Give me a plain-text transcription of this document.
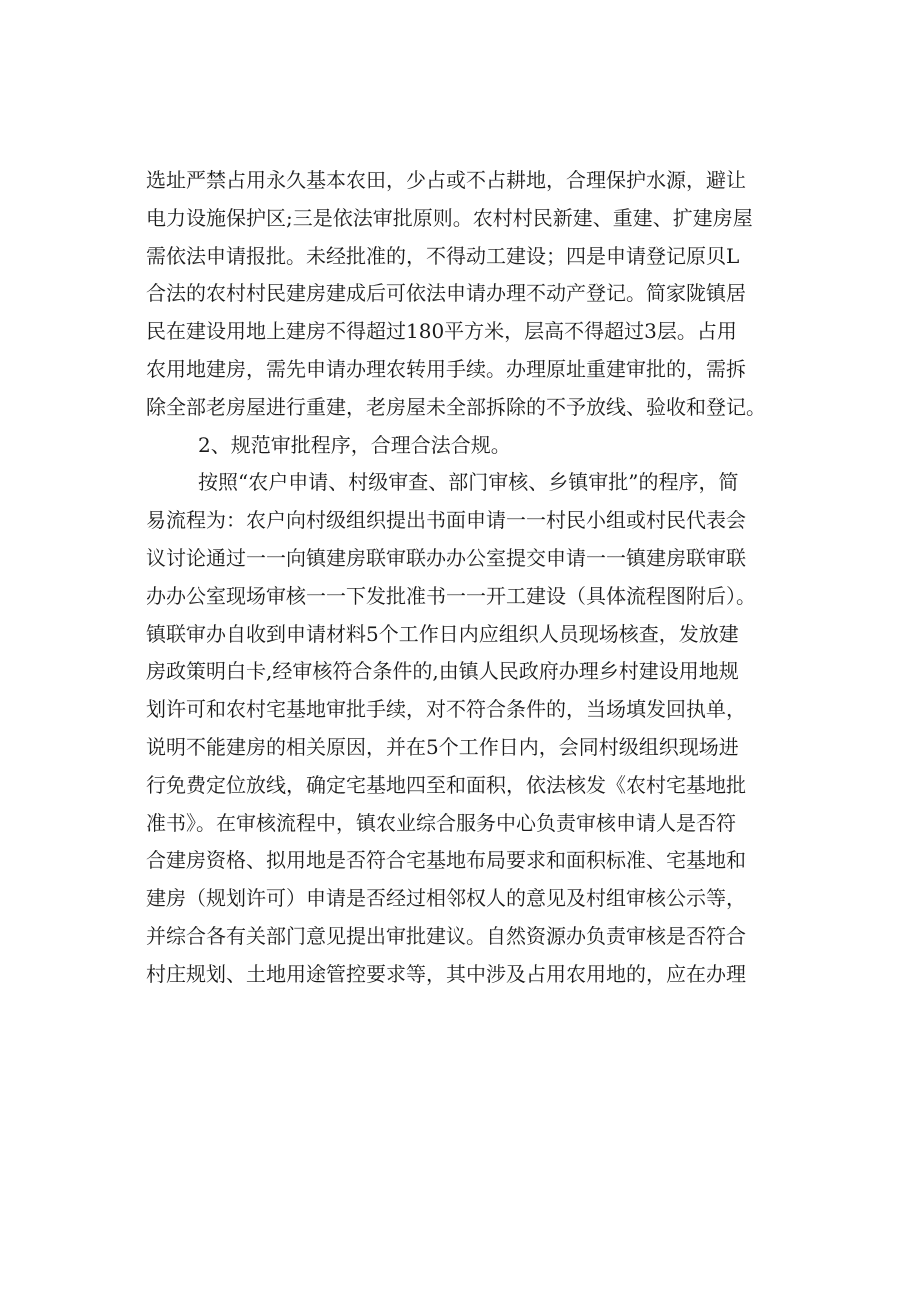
选址严禁占用永久基本农田，少占或不占耕地，合理保护水源，避让
电力设施保护区;三是依法审批原则。农村村民新建、重建、扩建房屋
需依法申请报批。未经批准的，不得动工建设；四是申请登记原贝L
合法的农村村民建房建成后可依法申请办理不动产登记。简家陇镇居
民在建设用地上建房不得超过180平方米，层高不得超过3层。占用
农用地建房，需先申请办理农转用手续。办理原址重建审批的，需拆
除全部老房屋进行重建，老房屋未全部拆除的不予放线、验收和登记。
2、规范审批程序，合理合法合规。
按照“农户申请、村级审查、部门审核、乡镇审批”的程序，简
易流程为：农户向村级组织提出书面申请一一村民小组或村民代表会
议讨论通过一一向镇建房联审联办办公室提交申请一一镇建房联审联
办办公室现场审核一一下发批准书一一开工建设（具体流程图附后）。
镇联审办自收到申请材料5个工作日内应组织人员现场核查，发放建
房政策明白卡,经审核符合条件的,由镇人民政府办理乡村建设用地规
划许可和农村宅基地审批手续，对不符合条件的，当场填发回执单，
说明不能建房的相关原因，并在5个工作日内，会同村级组织现场进
行免费定位放线，确定宅基地四至和面积，依法核发《农村宅基地批
准书》。在审核流程中，镇农业综合服务中心负责审核申请人是否符
合建房资格、拟用地是否符合宅基地布局要求和面积标准、宅基地和
建房（规划许可）申请是否经过相邻权人的意见及村组审核公示等，
并综合各有关部门意见提出审批建议。自然资源办负责审核是否符合
村庄规划、土地用途管控要求等，其中涉及占用农用地的，应在办理
